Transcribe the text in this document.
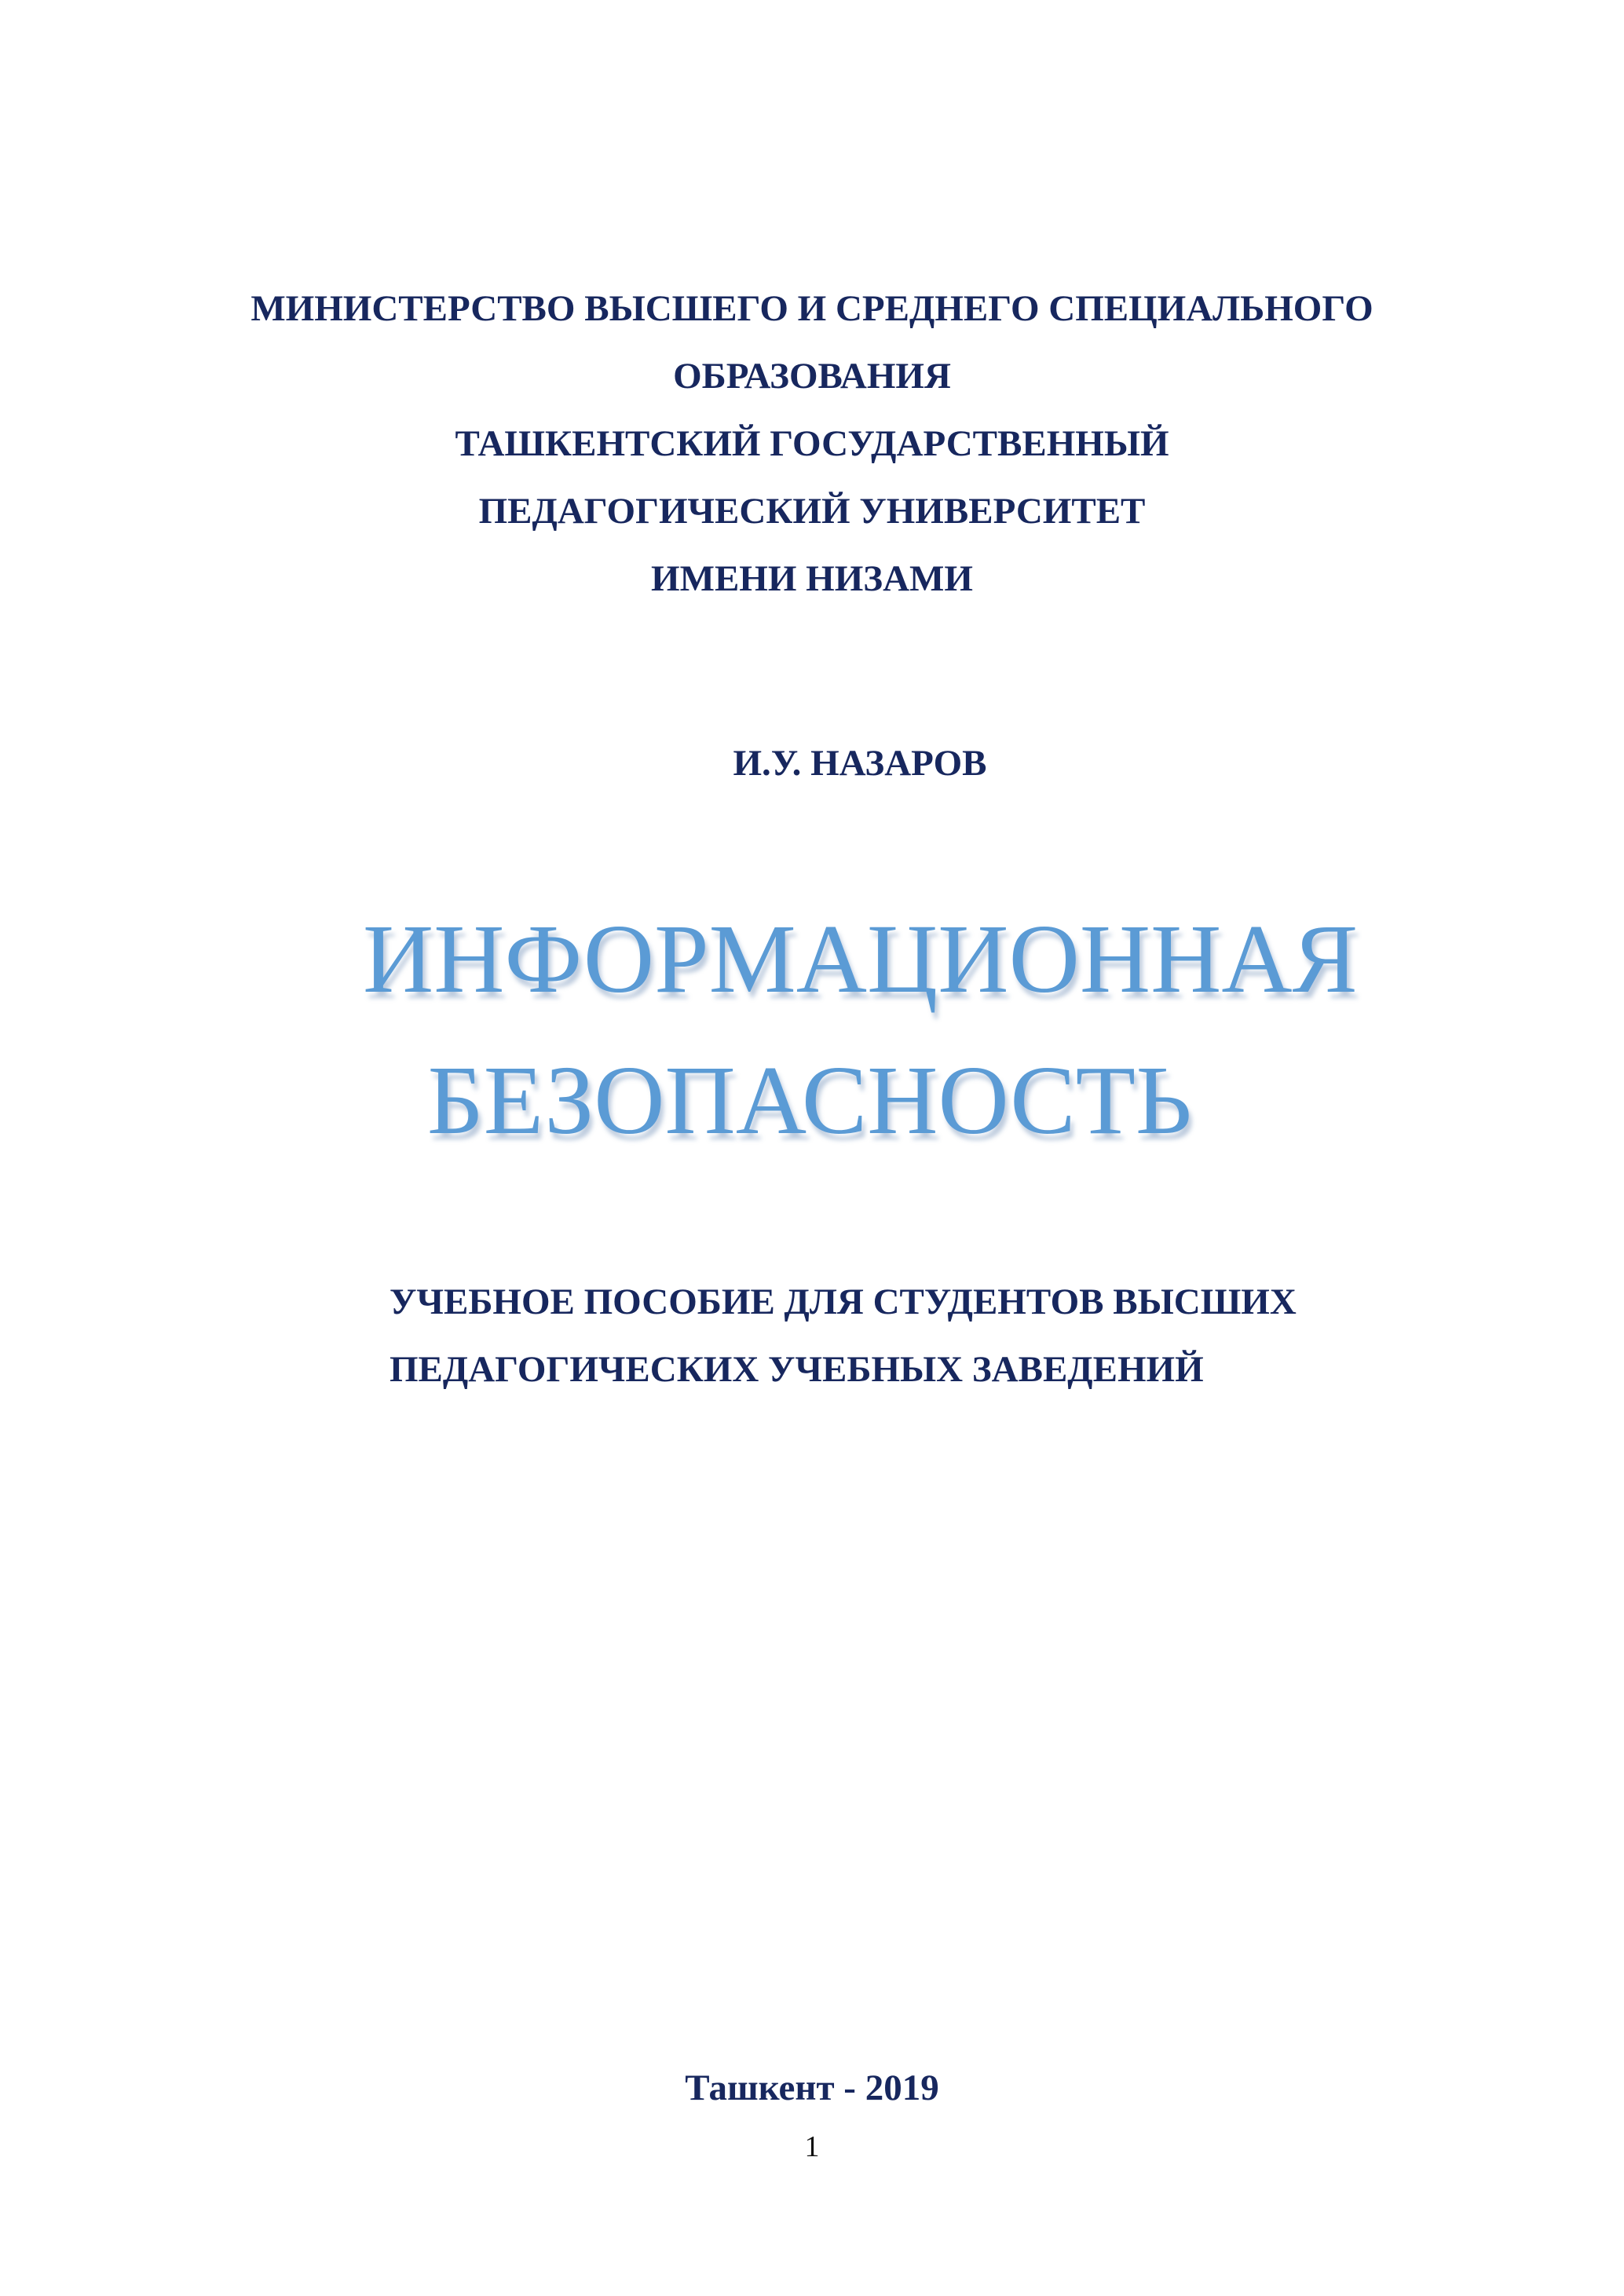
МИНИСТЕРСТВО ВЫСШЕГО И СРЕДНЕГО СПЕЦИАЛЬНОГО
ОБРАЗОВАНИЯ
ТАШКЕНТСКИЙ ГОСУДАРСТВЕННЫЙ
ПЕДАГОГИЧЕСКИЙ УНИВЕРСИТЕТ
ИМЕНИ НИЗАМИ
И.У. НАЗАРОВ
ИНФОРМАЦИОННАЯ
БЕЗОПАСНОСТЬ
УЧЕБНОЕ ПОСОБИЕ ДЛЯ СТУДЕНТОВ ВЫСШИХ
ПЕДАГОГИЧЕСКИХ УЧЕБНЫХ ЗАВЕДЕНИЙ
Ташкент - 2019
1
